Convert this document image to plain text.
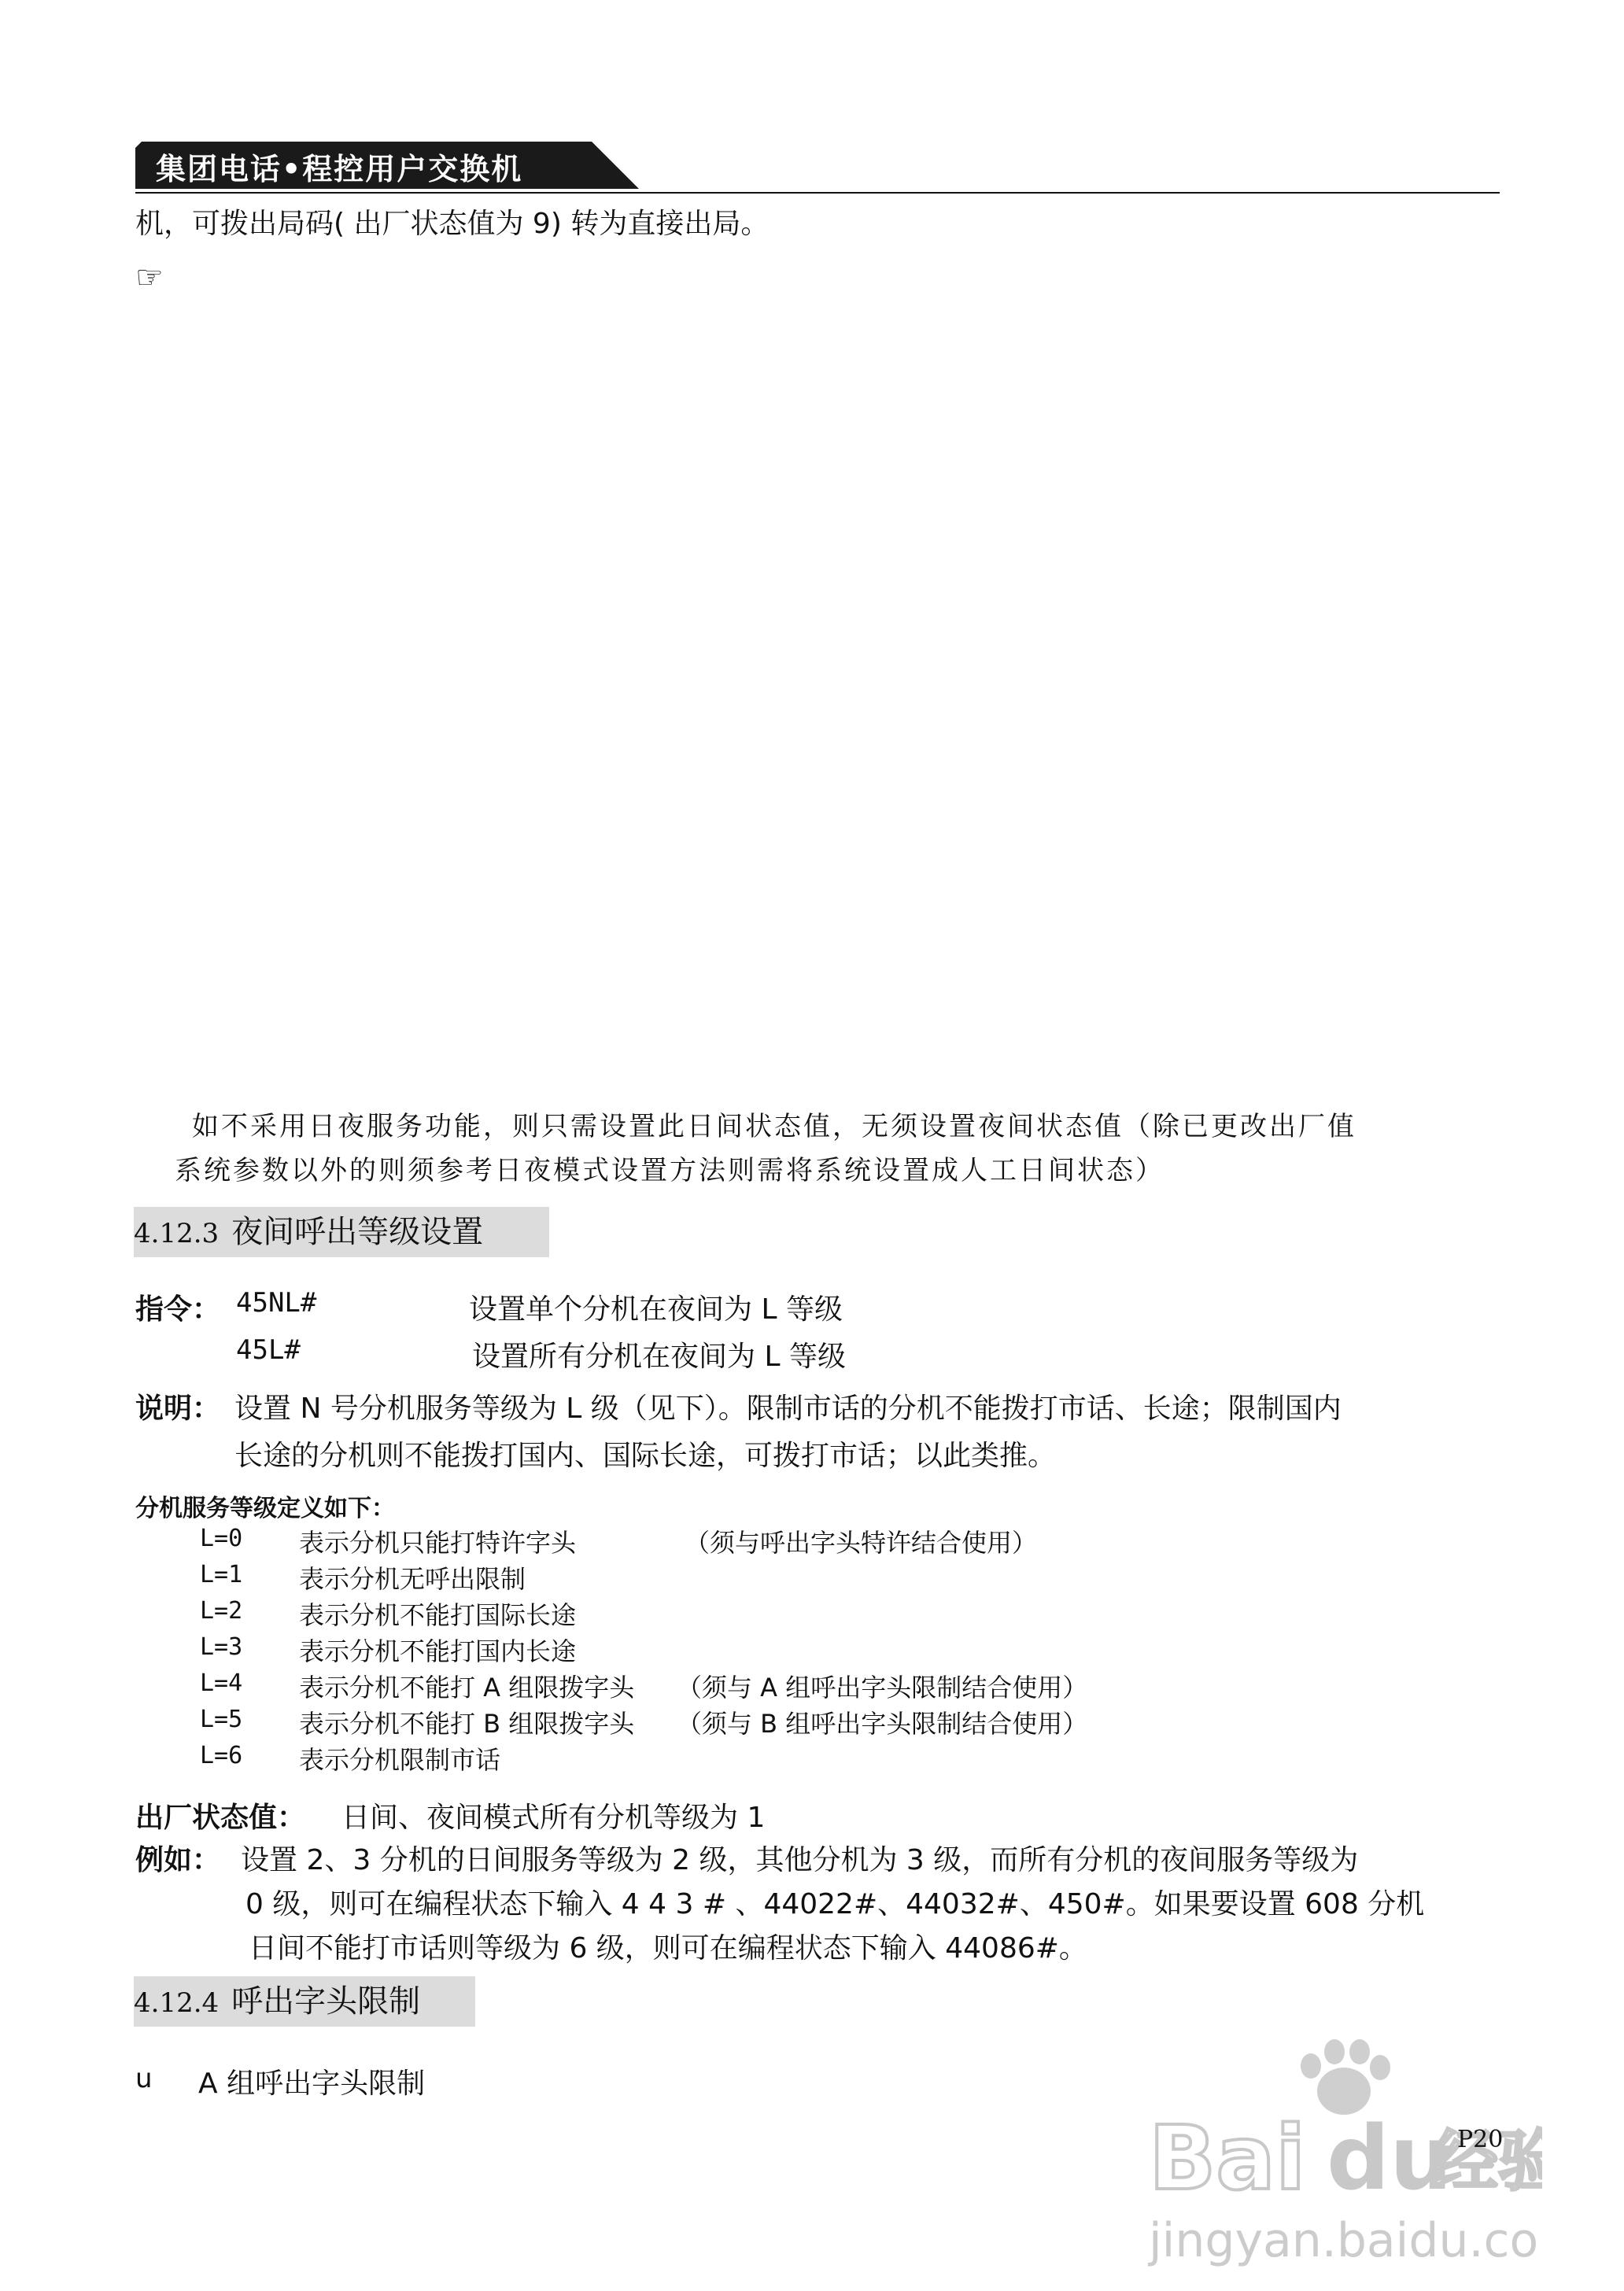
集团电话•程控用户交换机
机，可拨出局码( 出厂状态值为 9) 转为直接出局。
☞
如不采用日夜服务功能，则只需设置此日间状态值，无须设置夜间状态值（除已更改出厂值
系统参数以外的则须参考日夜模式设置方法则需将系统设置成人工日间状态）
4.12.3 夜间呼出等级设置
指令： 45NL#	设置单个分机在夜间为 L 等级
45L#	设置所有分机在夜间为 L 等级
说明： 设置 N 号分机服务等级为 L 级（见下）。限制市话的分机不能拨打市话、长途；限制国内
长途的分机则不能拨打国内、国际长途，可拨打市话；以此类推。
分机服务等级定义如下：
L=0 表示分机只能打特许字头	（须与呼出字头特许结合使用）
L=1 表示分机无呼出限制
L=2 表示分机不能打国际长途
L=3 表示分机不能打国内长途
L=4 表示分机不能打 A 组限拨字头 （须与 A 组呼出字头限制结合使用）
L=5 表示分机不能打 B 组限拨字头 （须与 B 组呼出字头限制结合使用）
L=6 表示分机限制市话
出厂状态值： 日间、夜间模式所有分机等级为 1
例如： 设置 2、3 分机的日间服务等级为 2 级，其他分机为 3 级，而所有分机的夜间服务等级为
0 级，则可在编程状态下输入 4 4 3 # 、44022#、44032#、450#。如果要设置 608 分机
日间不能打市话则等级为 6 级，则可在编程状态下输入 44086#。
4.12.4 呼出字头限制
u A 组呼出字头限制
Bai du
经验
jingyan.baidu.com
P20
